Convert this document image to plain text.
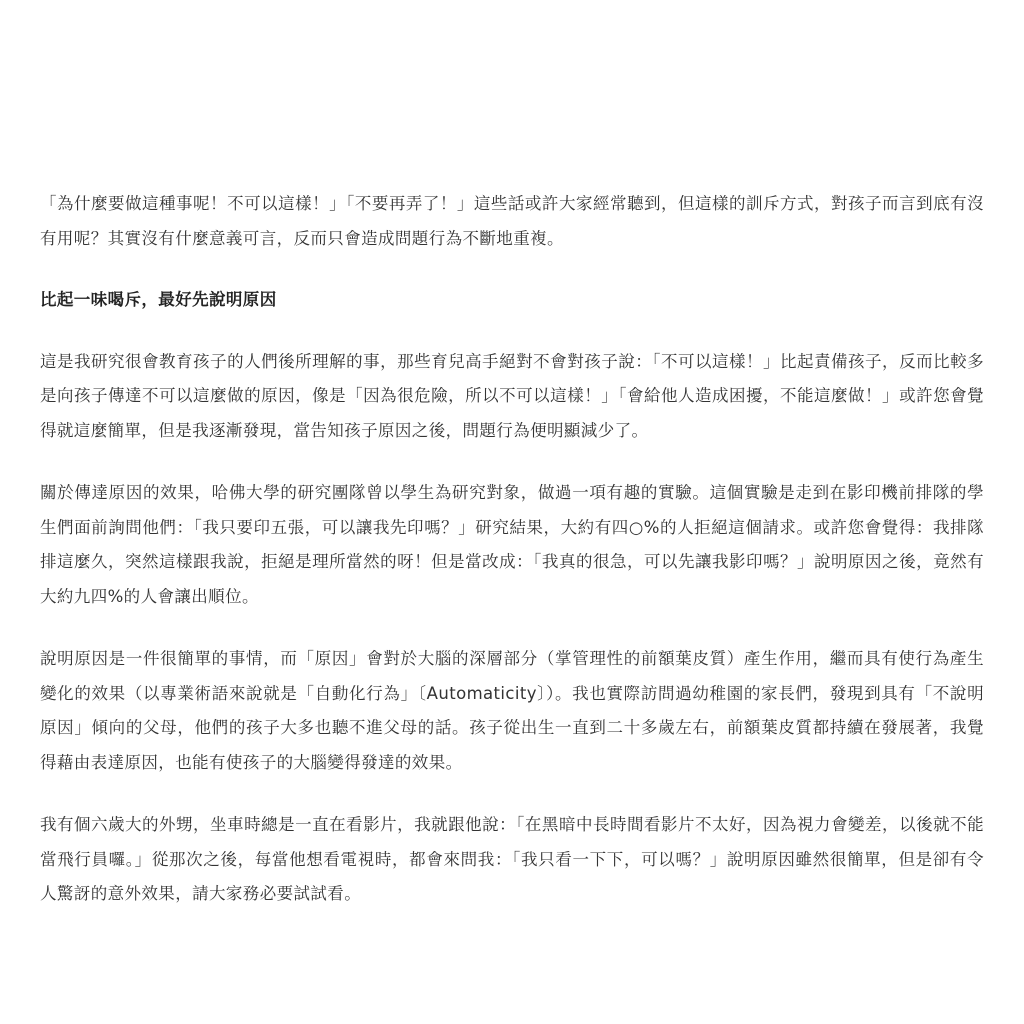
「為什麼要做這種事呢！不可以這樣！」「不要再弄了！」這些話或許大家經常聽到，但這樣的訓斥方式，對孩子而言到底有沒有用呢？其實沒有什麼意義可言，反而只會造成問題行為不斷地重複。

比起一味喝斥，最好先說明原因

這是我研究很會教育孩子的人們後所理解的事，那些育兒高手絕對不會對孩子說：「不可以這樣！」比起責備孩子，反而比較多是向孩子傳達不可以這麼做的原因，像是「因為很危險，所以不可以這樣！」「會給他人造成困擾，不能這麼做！」或許您會覺得就這麼簡單，但是我逐漸發現，當告知孩子原因之後，問題行為便明顯減少了。

關於傳達原因的效果，哈佛大學的研究團隊曾以學生為研究對象，做過一項有趣的實驗。這個實驗是走到在影印機前排隊的學生們面前詢問他們：「我只要印五張，可以讓我先印嗎？」研究結果，大約有四○%的人拒絕這個請求。或許您會覺得：我排隊排這麼久，突然這樣跟我說，拒絕是理所當然的呀！但是當改成：「我真的很急，可以先讓我影印嗎？」說明原因之後，竟然有大約九四%的人會讓出順位。

說明原因是一件很簡單的事情，而「原因」會對於大腦的深層部分（掌管理性的前額葉皮質）產生作用，繼而具有使行為產生變化的效果（以專業術語來說就是「自動化行為」〔Automaticity〕）。我也實際訪問過幼稚園的家長們，發現到具有「不說明原因」傾向的父母，他們的孩子大多也聽不進父母的話。孩子從出生一直到二十多歲左右，前額葉皮質都持續在發展著，我覺得藉由表達原因，也能有使孩子的大腦變得發達的效果。

我有個六歲大的外甥，坐車時總是一直在看影片，我就跟他說：「在黑暗中長時間看影片不太好，因為視力會變差，以後就不能當飛行員囉。」從那次之後，每當他想看電視時，都會來問我：「我只看一下下，可以嗎？」說明原因雖然很簡單，但是卻有令人驚訝的意外效果，請大家務必要試試看。
